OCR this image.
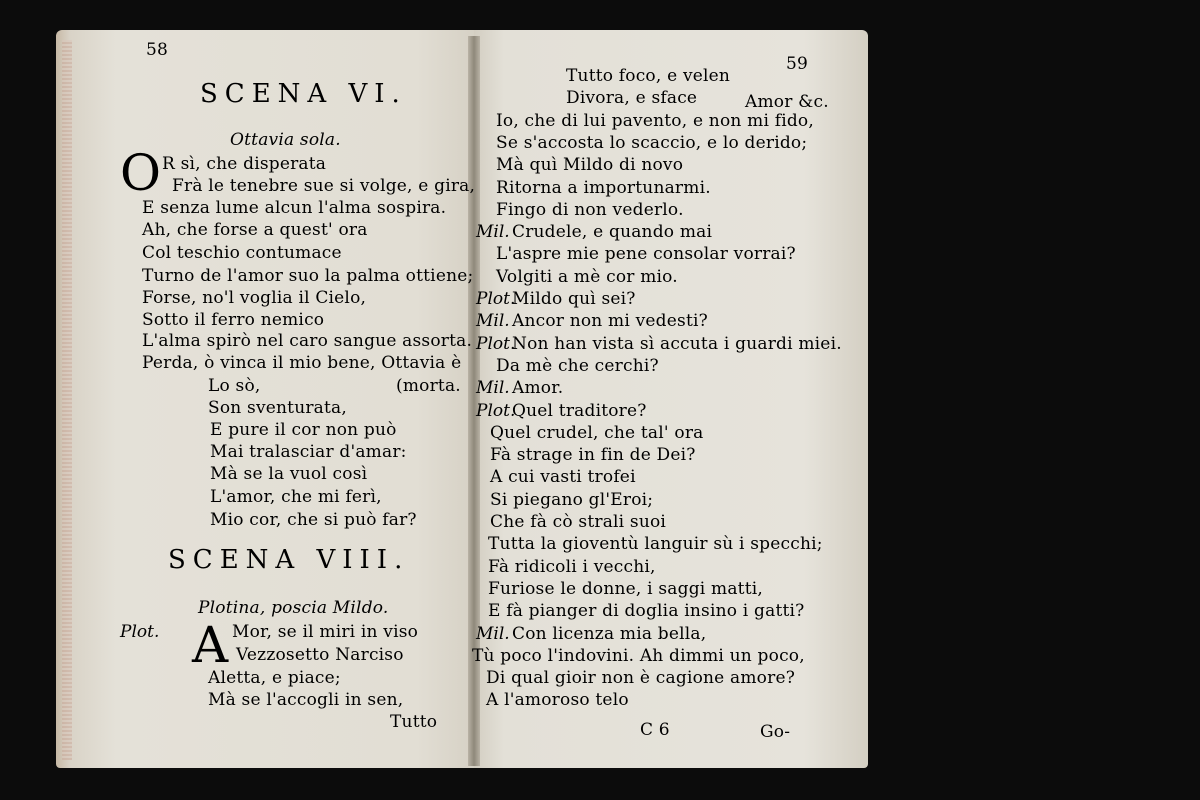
58
SCENA VI.
Ottavia sola.
O R sì, che disperata
Frà le tenebre sue si volge, e gira,
E senza lume alcun l'alma sospira.
Ah, che forse a quest' ora
Col teschio contumace
Turno de l'amor suo la palma ottiene;
Forse, no'l voglia il Cielo,
Sotto il ferro nemico
L'alma spirò nel caro sangue assorta.
Perda, ò vinca il mio bene, Ottavia è
Lo sò,	(morta.
Son sventurata,
E pure il cor non può
Mai tralasciar d'amar:
Mà se la vuol così
L'amor, che mi ferì,
Mio cor, che si può far?
SCENA VIII.
Plotina, poscia Mildo.
Plot. A Mor, se il miri in viso
Vezzosetto Narciso
Aletta, e piace;
Mà se l'accogli in sen,
Tutto
59
Tutto foco, e velen
Divora, e sface
Io, che di lui pavento, e non mi fido,
Se s'accosta lo scaccio, e lo derido;
Mà quì Mildo di novo
Ritorna a importunarmi.
Fingo di non vederlo.
Mil. Crudele, e quando mai
L'aspre mie pene consolar vorrai?
Volgiti a mè cor mio.
Plot.
Mildo quì sei?
Mil. Ancor non mi vedesti?
Plot.
Non han vista sì accuta i guardi miei.
Da mè che cerchi?
Mil. Amor.
Plot.
Quel traditore?
Quel crudel, che tal' ora
Fà strage in fin de Dei?
A cui vasti trofei
Si piegano gl'Eroi;
Che fà cò strali suoi
Tutta la gioventù languir sù i specchi;
Fà ridicoli i vecchi,
Furiose le donne, i saggi matti,
E fà pianger di doglia insino i gatti?
Mil. Con licenza mia bella,
Tù poco l'indovini. Ah dimmi un poco,
Di qual gioir non è cagione amore?
A l'amoroso telo
Amor &c.
C 6	Go-
